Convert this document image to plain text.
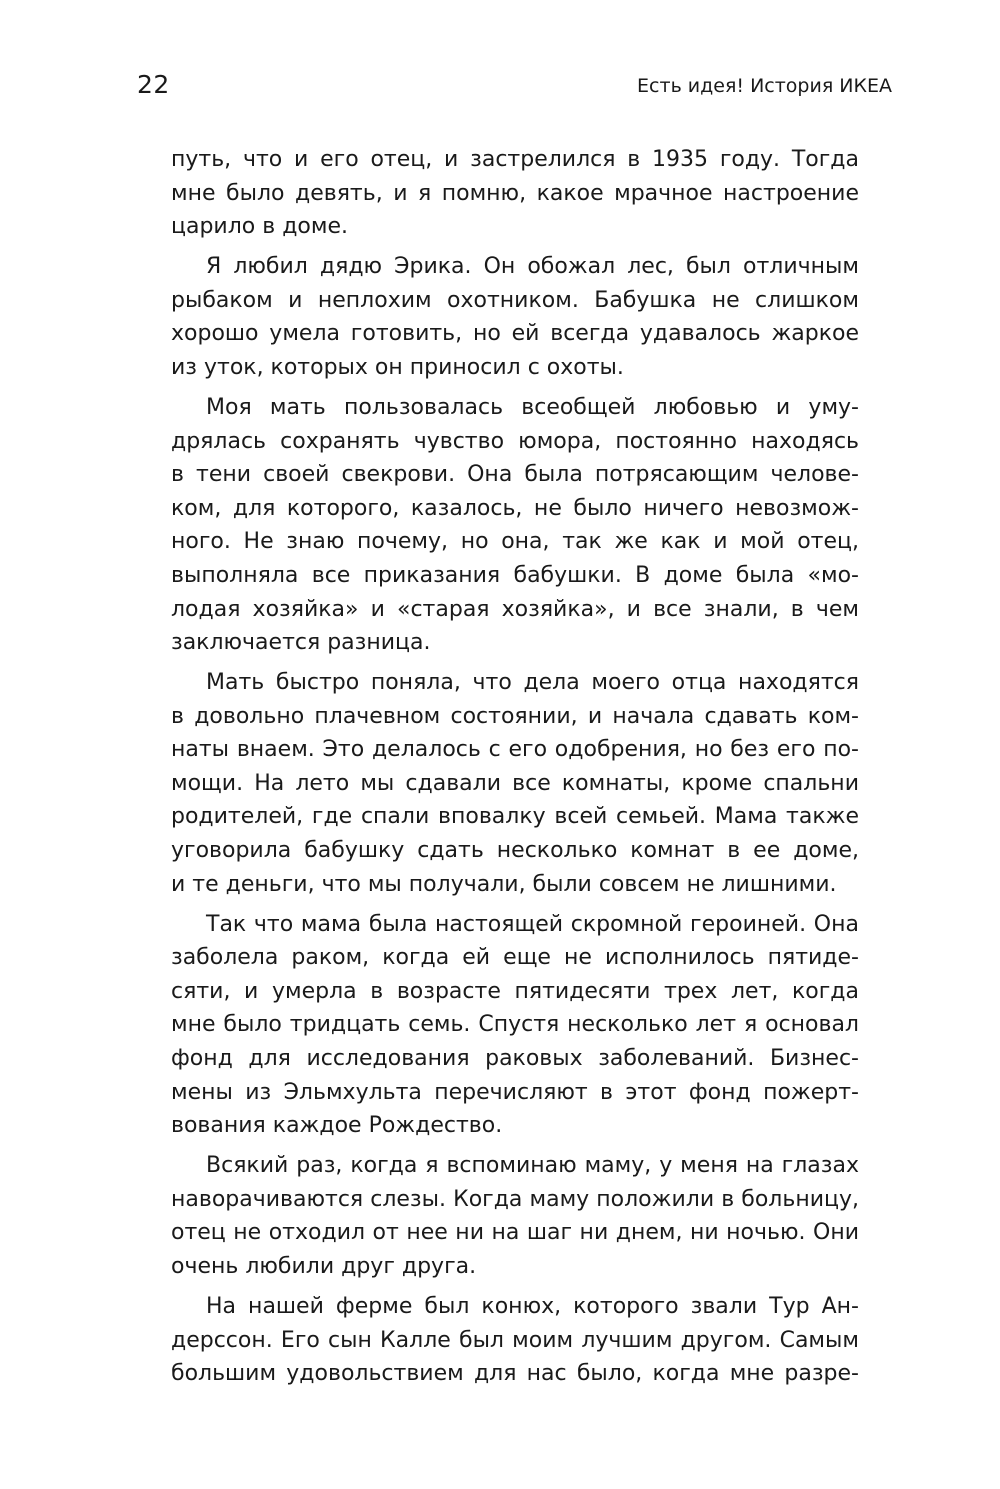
22	Есть идея! История ИКЕА
путь, что и его отец, и застрелился в 1935 году. Тогда
мне было девять, и я помню, какое мрачное настроение
царило в доме.
Я любил дядю Эрика. Он обожал лес, был отличным
рыбаком и неплохим охотником. Бабушка не слишком
хорошо умела готовить, но ей всегда удавалось жаркое
из уток, которых он приносил с охоты.
Моя мать пользовалась всеобщей любовью и уму-
дрялась сохранять чувство юмора, постоянно находясь
в тени своей свекрови. Она была потрясающим челове-
ком, для которого, казалось, не было ничего невозмож-
ного. Не знаю почему, но она, так же как и мой отец,
выполняла все приказания бабушки. В доме была «мо-
лодая хозяйка» и «старая хозяйка», и все знали, в чем
заключается разница.
Мать быстро поняла, что дела моего отца находятся
в довольно плачевном состоянии, и начала сдавать ком-
наты внаем. Это делалось с его одобрения, но без его по-
мощи. На лето мы сдавали все комнаты, кроме спальни
родителей, где спали вповалку всей семьей. Мама также
уговорила бабушку сдать несколько комнат в ее доме,
и те деньги, что мы получали, были совсем не лишними.
Так что мама была настоящей скромной героиней. Она
заболела раком, когда ей еще не исполнилось пятиде-
сяти, и умерла в возрасте пятидесяти трех лет, когда
мне было тридцать семь. Спустя несколько лет я основал
фонд для исследования раковых заболеваний. Бизнес-
мены из Эльмхульта перечисляют в этот фонд пожерт-
вования каждое Рождество.
Всякий раз, когда я вспоминаю маму, у меня на глазах
наворачиваются слезы. Когда маму положили в больницу,
отец не отходил от нее ни на шаг ни днем, ни ночью. Они
очень любили друг друга.
На нашей ферме был конюх, которого звали Тур Ан-
дерссон. Его сын Калле был моим лучшим другом. Самым
большим удовольствием для нас было, когда мне разре-
